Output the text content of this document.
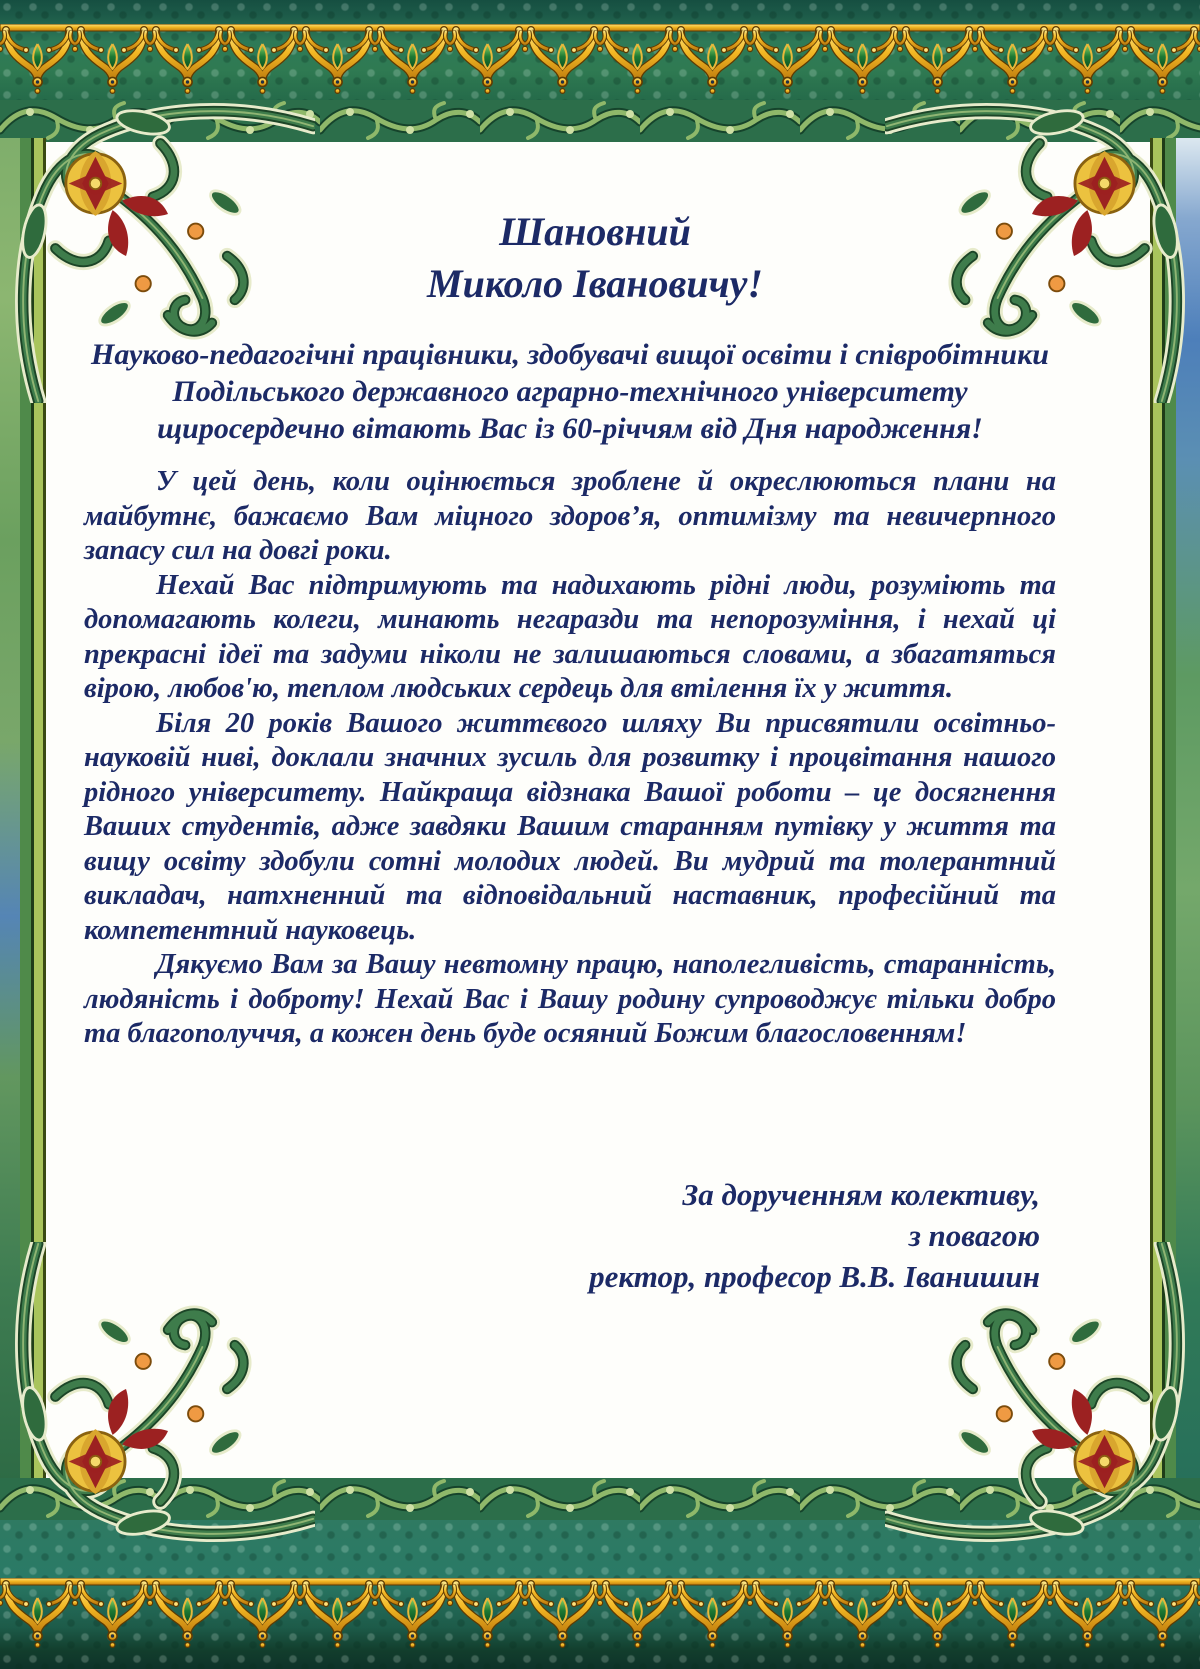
Шановний
Миколо Івановичу!
Науково-педагогічні працівники, здобувачі вищої освіти і співробітники
Подільського державного аграрно-технічного університету
щиросердечно вітають Вас із 60-річчям від Дня народження!

У цей день, коли оцінюється зроблене й окреслюються плани на майбутнє, бажаємо Вам міцного здоров’я, оптимізму та невичерпного запасу сил на довгі роки.

Нехай Вас підтримують та надихають рідні люди, розуміють та допомагають колеги, минають негаразди та непорозуміння, і нехай ці прекрасні ідеї та задуми ніколи не залишаються словами, а збагатяться вірою, любов'ю, теплом людських сердець для втілення їх у життя.

Біля 20 років Вашого життєвого шляху Ви присвятили освітньо-науковій ниві, доклали значних зусиль для розвитку і процвітання нашого рідного університету. Найкраща відзнака Вашої роботи – це досягнення Ваших студентів, адже завдяки Вашим старанням путівку у життя та вищу освіту здобули сотні молодих людей. Ви мудрий та толерантний викладач, натхненний та відповідальний наставник, професійний та компетентний науковець.

Дякуємо Вам за Вашу невтомну працю, наполегливість, старанність, людяність і доброту! Нехай Вас і Вашу родину супроводжує тільки добро та благополуччя, а кожен день буде осяяний Божим благословенням!

За дорученням колективу,
з повагою
ректор, професор В.В. Іванишин
